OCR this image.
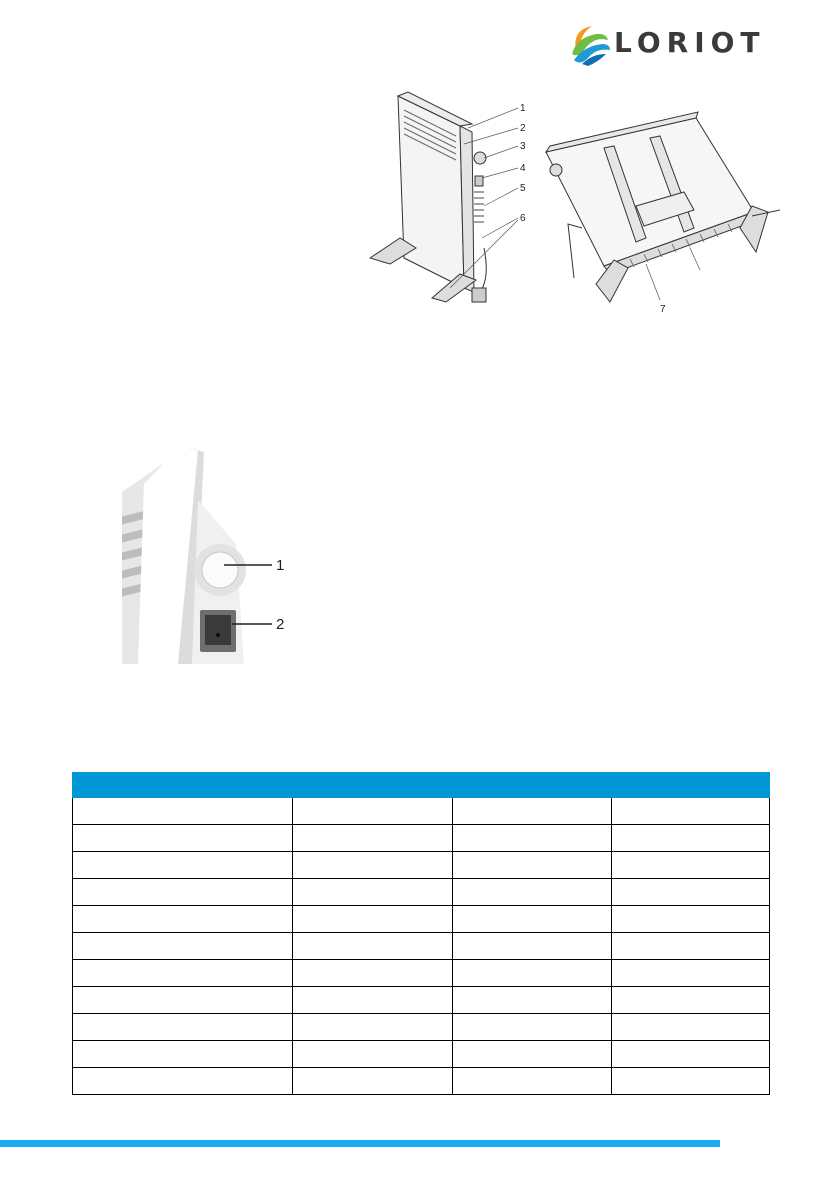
LORIOT
1
2
3
4
5
6
7
1
2
